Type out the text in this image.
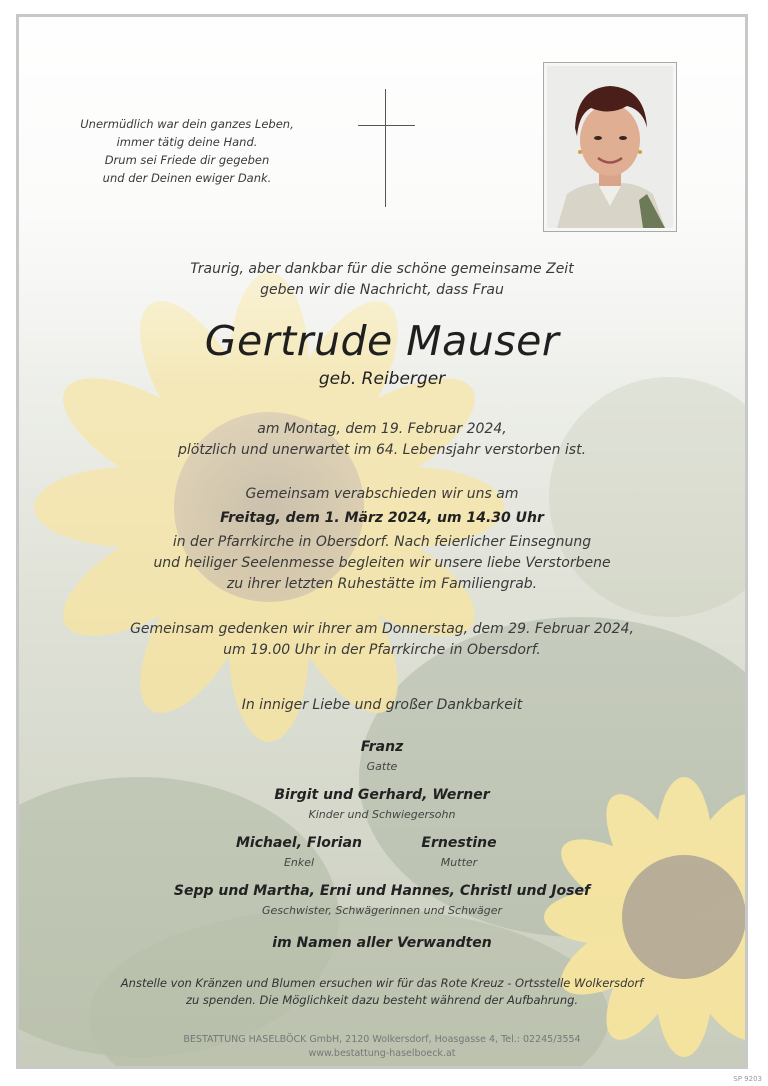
Unermüdlich war dein ganzes Leben,
immer tätig deine Hand.
Drum sei Friede dir gegeben
und der Deinen ewiger Dank.
Traurig, aber dankbar für die schöne gemeinsame Zeit
geben wir die Nachricht, dass Frau
Gertrude Mauser
geb. Reiberger
am Montag, dem 19. Februar 2024,
plötzlich und unerwartet im 64. Lebensjahr verstorben ist.
Gemeinsam verabschieden wir uns am
Freitag, dem 1. März 2024, um 14.30 Uhr
in der Pfarrkirche in Obersdorf. Nach feierlicher Einsegnung
und heiliger Seelenmesse begleiten wir unsere liebe Verstorbene
zu ihrer letzten Ruhestätte im Familiengrab.
Gemeinsam gedenken wir ihrer am Donnerstag, dem 29. Februar 2024,
um 19.00 Uhr in der Pfarrkirche in Obersdorf.
In inniger Liebe und großer Dankbarkeit
Franz
Gatte
Birgit und Gerhard, Werner
Kinder und Schwiegersohn
Michael, Florian
Enkel
Ernestine
Mutter
Sepp und Martha, Erni und Hannes, Christl und Josef
Geschwister, Schwägerinnen und Schwäger
im Namen aller Verwandten
Anstelle von Kränzen und Blumen ersuchen wir für das Rote Kreuz - Ortsstelle Wolkersdorf
zu spenden. Die Möglichkeit dazu besteht während der Aufbahrung.
BESTATTUNG HASELBÖCK GmbH, 2120 Wolkersdorf, Hoasgasse 4, Tel.: 02245/3554
www.bestattung-haselboeck.at
SP 9203
